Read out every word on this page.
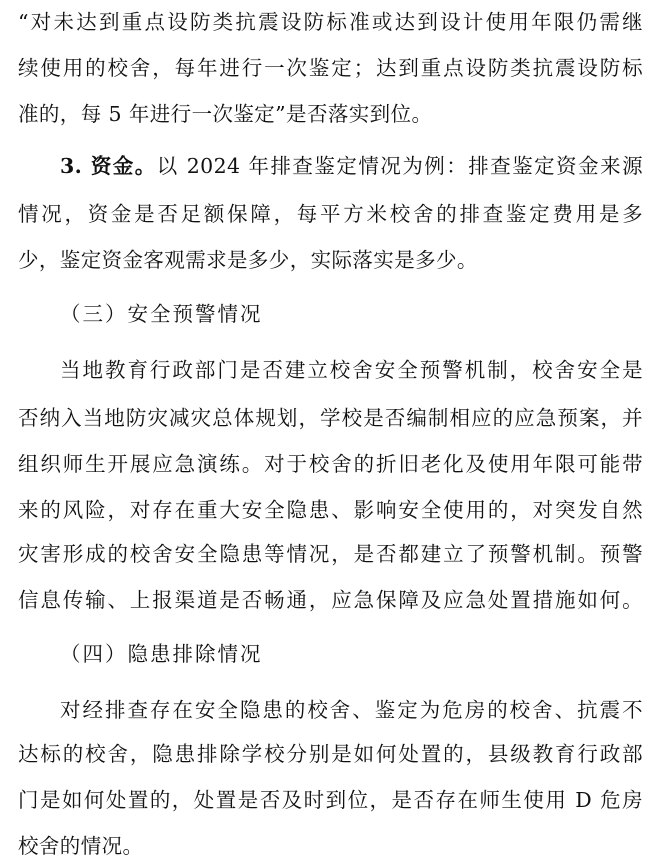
“对未达到重点设防类抗震设防标准或达到设计使用年限仍需继
续使用的校舍，每年进行一次鉴定；达到重点设防类抗震设防标
准的，每 5 年进行一次鉴定”是否落实到位。
3. 资金。以 2024 年排查鉴定情况为例：排查鉴定资金来源
情况，资金是否足额保障，每平方米校舍的排查鉴定费用是多
少，鉴定资金客观需求是多少，实际落实是多少。
（三）安全预警情况
当地教育行政部门是否建立校舍安全预警机制，校舍安全是
否纳入当地防灾减灾总体规划，学校是否编制相应的应急预案，并
组织师生开展应急演练。对于校舍的折旧老化及使用年限可能带
来的风险，对存在重大安全隐患、影响安全使用的，对突发自然
灾害形成的校舍安全隐患等情况，是否都建立了预警机制。预警
信息传输、上报渠道是否畅通，应急保障及应急处置措施如何。
（四）隐患排除情况
对经排查存在安全隐患的校舍、鉴定为危房的校舍、抗震不
达标的校舍，隐患排除学校分别是如何处置的，县级教育行政部
门是如何处置的，处置是否及时到位，是否存在师生使用 D 危房
校舍的情况。
